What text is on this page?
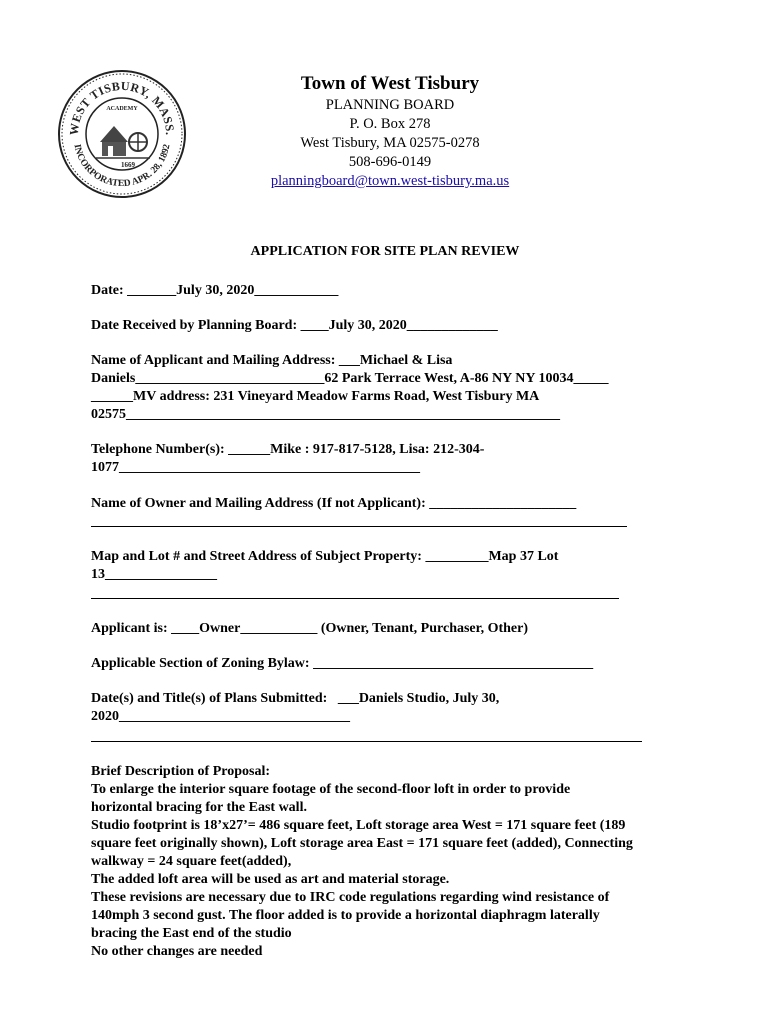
WEST TISBURY, MASS.
INCORPORATED APR. 28, 1892
ACADEMY
1669
Town of West Tisbury
PLANNING BOARD
P. O. Box 278
West Tisbury, MA 02575-0278
508-696-0149
planningboard@town.west-tisbury.ma.us
APPLICATION FOR SITE PLAN REVIEW
Date: _______July 30, 2020____________
Date Received by Planning Board: ____July 30, 2020_____________
Name of Applicant and Mailing Address: ___Michael & Lisa
Daniels___________________________62 Park Terrace West, A-86 NY NY 10034_____
______MV address: 231 Vineyard Meadow Farms Road, West Tisbury MA
02575______________________________________________________________
Telephone Number(s): ______Mike : 917-817-5128, Lisa: 212-304-
1077___________________________________________
Name of Owner and Mailing Address (If not Applicant): _____________________
Map and Lot # and Street Address of Subject Property: _________Map 37 Lot
13________________
Applicant is: ____Owner___________ (Owner, Tenant, Purchaser, Other)
Applicable Section of Zoning Bylaw: ________________________________________
Date(s) and Title(s) of Plans Submitted:   ___Daniels Studio, July 30,
2020_________________________________
Brief Description of Proposal:
To enlarge the interior square footage of the second-floor loft in order to provide
horizontal bracing for the East wall.
Studio footprint is 18’x27’= 486 square feet, Loft storage area West = 171 square feet (189
square feet originally shown), Loft storage area East = 171 square feet (added), Connecting
walkway = 24 square feet(added),
The added loft area will be used as art and material storage.
These revisions are necessary due to IRC code regulations regarding wind resistance of
140mph 3 second gust. The floor added is to provide a horizontal diaphragm laterally
bracing the East end of the studio
No other changes are needed
